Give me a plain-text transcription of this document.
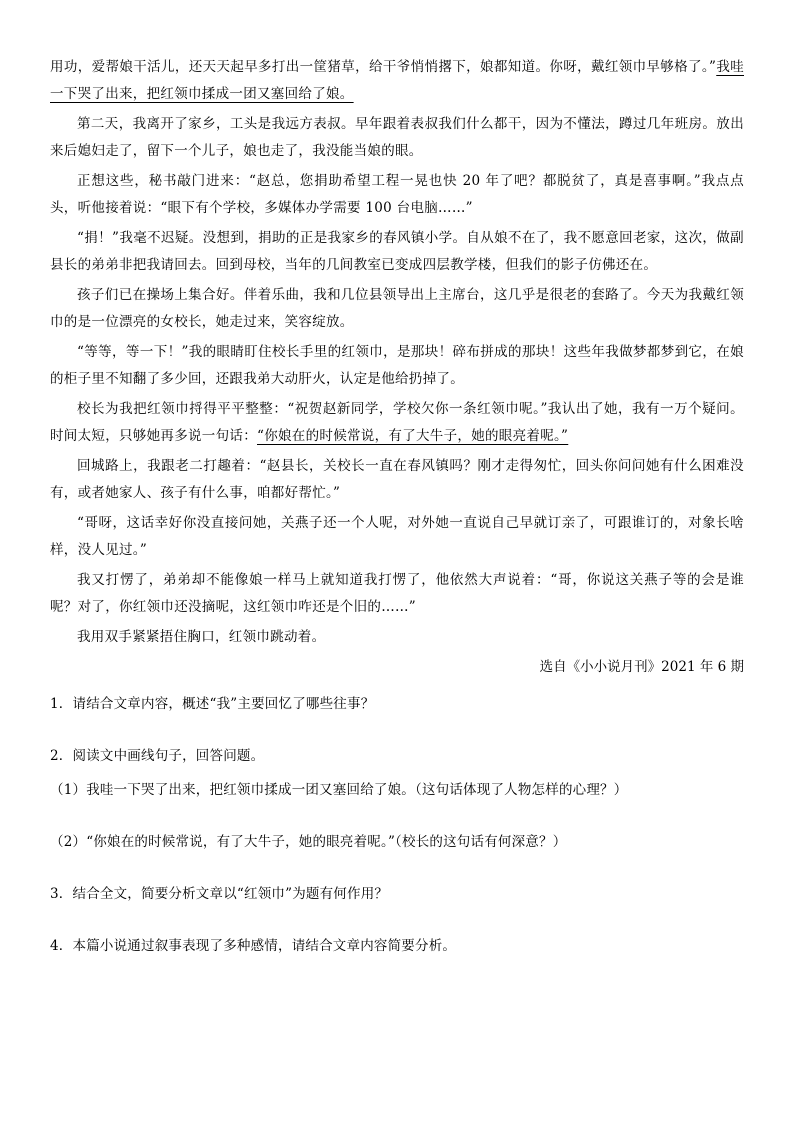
用功，爱帮娘干活儿，还天天起早多打出一筐猪草，给干爷悄悄撂下，娘都知道。你呀，戴红领巾早够格了。”我哇一下哭了出来，把红领巾揉成一团又塞回给了娘。

第二天，我离开了家乡，工头是我远方表叔。早年跟着表叔我们什么都干，因为不懂法，蹲过几年班房。放出来后媳妇走了，留下一个儿子，娘也走了，我没能当娘的眼。

正想这些，秘书敲门进来：“赵总，您捐助希望工程一晃也快 20 年了吧？都脱贫了，真是喜事啊。”我点点头，听他接着说：“眼下有个学校，多媒体办学需要 100 台电脑……”

“捐！”我毫不迟疑。没想到，捐助的正是我家乡的春风镇小学。自从娘不在了，我不愿意回老家，这次，做副县长的弟弟非把我请回去。回到母校，当年的几间教室已变成四层教学楼，但我们的影子仿佛还在。

孩子们已在操场上集合好。伴着乐曲，我和几位县领导出上主席台，这几乎是很老的套路了。今天为我戴红领巾的是一位漂亮的女校长，她走过来，笑容绽放。

“等等，等一下！”我的眼睛盯住校长手里的红领巾，是那块！碎布拼成的那块！这些年我做梦都梦到它，在娘的柜子里不知翻了多少回，还跟我弟大动肝火，认定是他给扔掉了。

校长为我把红领巾捋得平平整整：“祝贺赵新同学，学校欠你一条红领巾呢。”我认出了她，我有一万个疑问。时间太短，只够她再多说一句话：“你娘在的时候常说，有了大牛子，她的眼亮着呢。”

回城路上，我跟老二打趣着：“赵县长，关校长一直在春风镇吗？刚才走得匆忙，回头你问问她有什么困难没有，或者她家人、孩子有什么事，咱都好帮忙。”

“哥呀，这话幸好你没直接问她，关燕子还一个人呢，对外她一直说自己早就订亲了，可跟谁订的，对象长啥样，没人见过。”

我又打愣了，弟弟却不能像娘一样马上就知道我打愣了，他依然大声说着：“哥，你说这关燕子等的会是谁呢？对了，你红领巾还没摘呢，这红领巾咋还是个旧的……”

我用双手紧紧捂住胸口，红领巾跳动着。

选自《小小说月刊》2021 年 6 期

1．请结合文章内容，概述“我”主要回忆了哪些往事？

2．阅读文中画线句子，回答问题。

（1）我哇一下哭了出来，把红领巾揉成一团又塞回给了娘。（这句话体现了人物怎样的心理？）

（2）“你娘在的时候常说，有了大牛子，她的眼亮着呢。”（校长的这句话有何深意？）

3．结合全文，简要分析文章以“红领巾”为题有何作用？

4．本篇小说通过叙事表现了多种感情，请结合文章内容简要分析。
